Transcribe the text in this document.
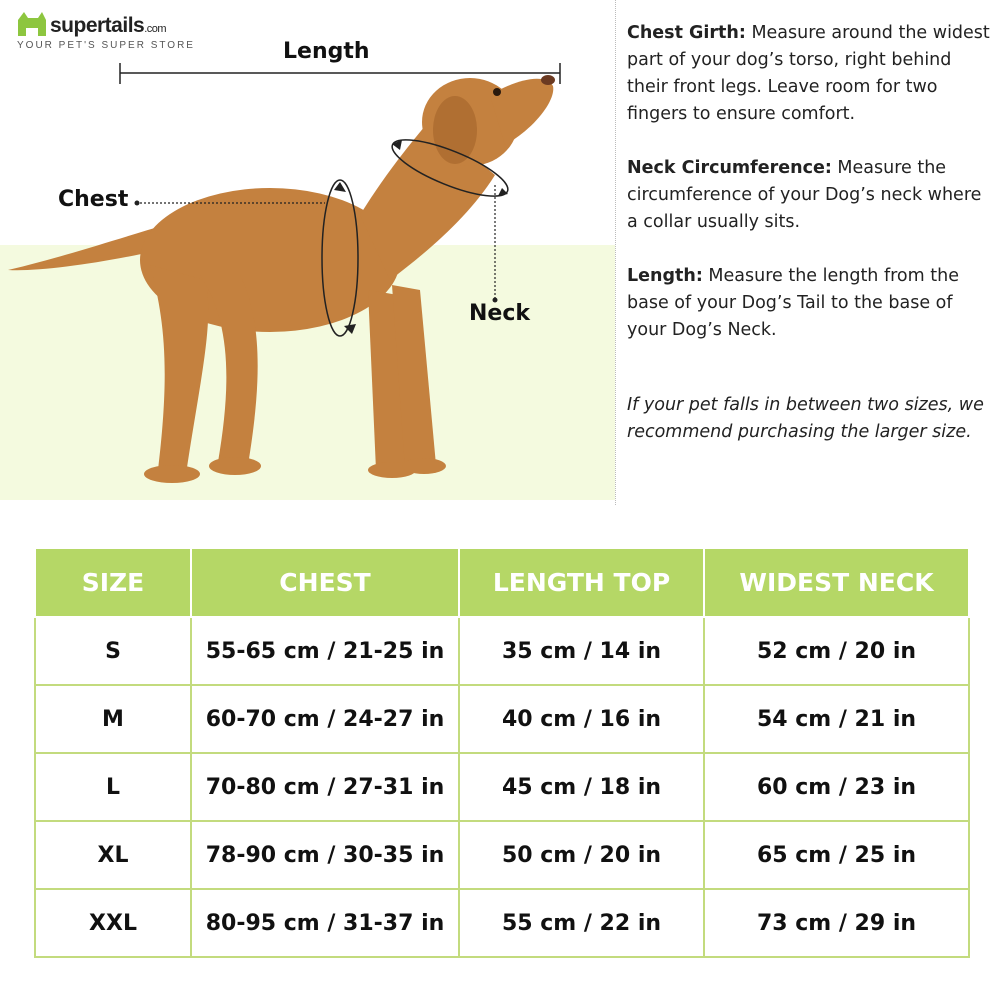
Length
Chest
Neck
supertails.com
YOUR PET'S SUPER STORE

Chest Girth: Measure around the widest part of your dog’s torso, right behind their front legs. Leave room for two fingers to ensure comfort.

Neck Circumference: Measure the circumference of your Dog’s neck where a collar usually sits.

Length: Measure the length from the base of your Dog’s Tail to the base of your Dog’s Neck.

If your pet falls in between two sizes, we recommend purchasing the larger size.

SIZE	CHEST	LENGTH TOP	WIDEST NECK
S	55-65 cm / 21-25 in	35 cm / 14 in	52 cm / 20 in
M	60-70 cm / 24-27 in	40 cm / 16 in	54 cm / 21 in
L	70-80 cm / 27-31 in	45 cm / 18 in	60 cm / 23 in
XL	78-90 cm / 30-35 in	50 cm / 20 in	65 cm / 25 in
XXL	80-95 cm / 31-37 in	55 cm / 22 in	73 cm / 29 in
